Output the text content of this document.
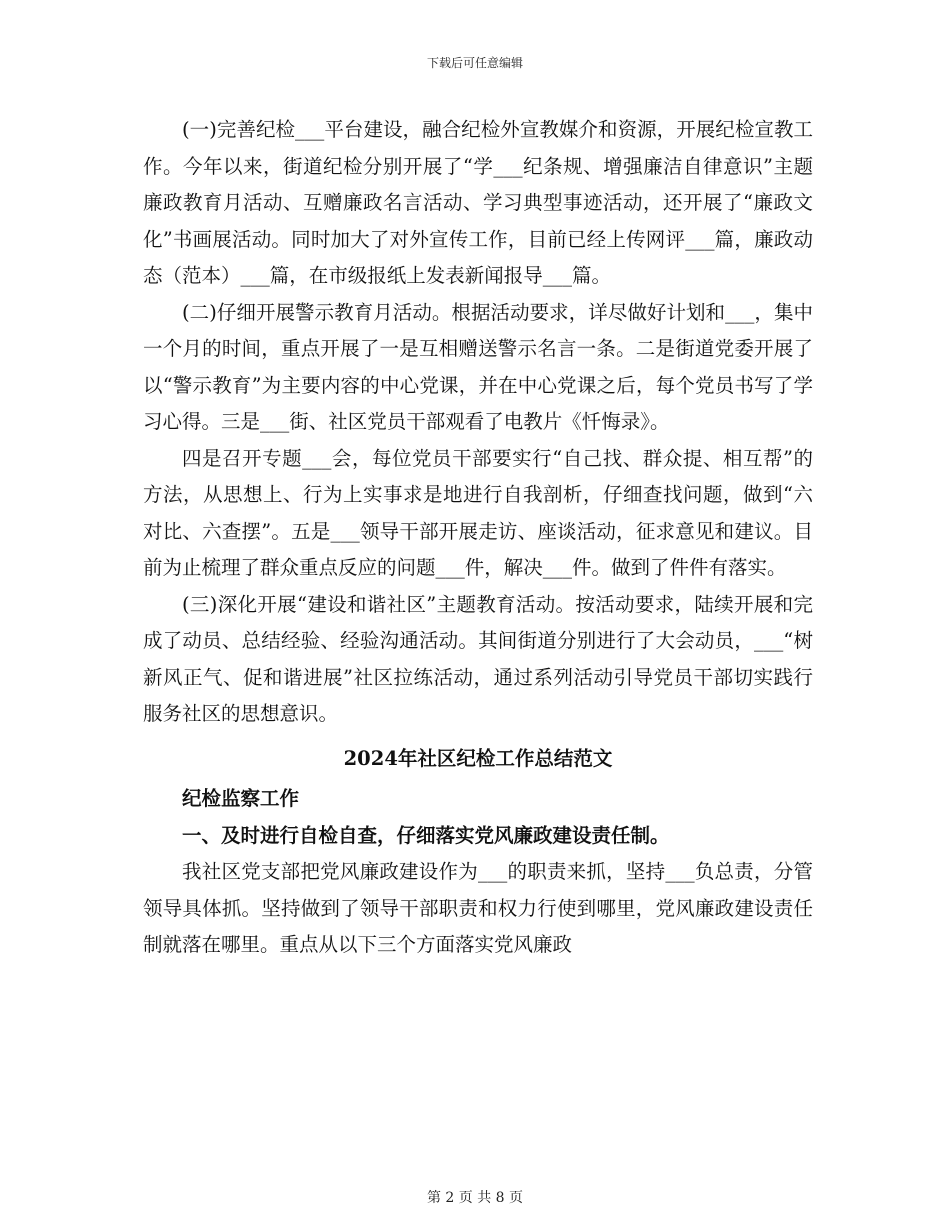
下载后可任意编辑

(一)完善纪检___平台建设，融合纪检外宣教媒介和资源，开展纪检宣教工作。今年以来，街道纪检分别开展了“学___纪条规、增强廉洁自律意识”主题廉政教育月活动、互赠廉政名言活动、学习典型事迹活动，还开展了“廉政文化”书画展活动。同时加大了对外宣传工作，目前已经上传网评___篇，廉政动态（范本）___篇，在市级报纸上发表新闻报导___篇。

(二)仔细开展警示教育月活动。根据活动要求，详尽做好计划和___，集中一个月的时间，重点开展了一是互相赠送警示名言一条。二是街道党委开展了以“警示教育”为主要内容的中心党课，并在中心党课之后，每个党员书写了学习心得。三是___街、社区党员干部观看了电教片《忏悔录》。

四是召开专题___会，每位党员干部要实行“自己找、群众提、相互帮”的方法，从思想上、行为上实事求是地进行自我剖析，仔细查找问题，做到“六对比、六查摆”。五是___领导干部开展走访、座谈活动，征求意见和建议。目前为止梳理了群众重点反应的问题___件，解决___件。做到了件件有落实。

(三)深化开展“建设和谐社区”主题教育活动。按活动要求，陆续开展和完成了动员、总结经验、经验沟通活动。其间街道分别进行了大会动员，___“树新风正气、促和谐进展”社区拉练活动，通过系列活动引导党员干部切实践行服务社区的思想意识。

2024年社区纪检工作总结范文

纪检监察工作

一、及时进行自检自查，仔细落实党风廉政建设责任制。

我社区党支部把党风廉政建设作为___的职责来抓，坚持___负总责，分管领导具体抓。坚持做到了领导干部职责和权力行使到哪里，党风廉政建设责任制就落在哪里。重点从以下三个方面落实党风廉政

第 2 页 共 8 页
